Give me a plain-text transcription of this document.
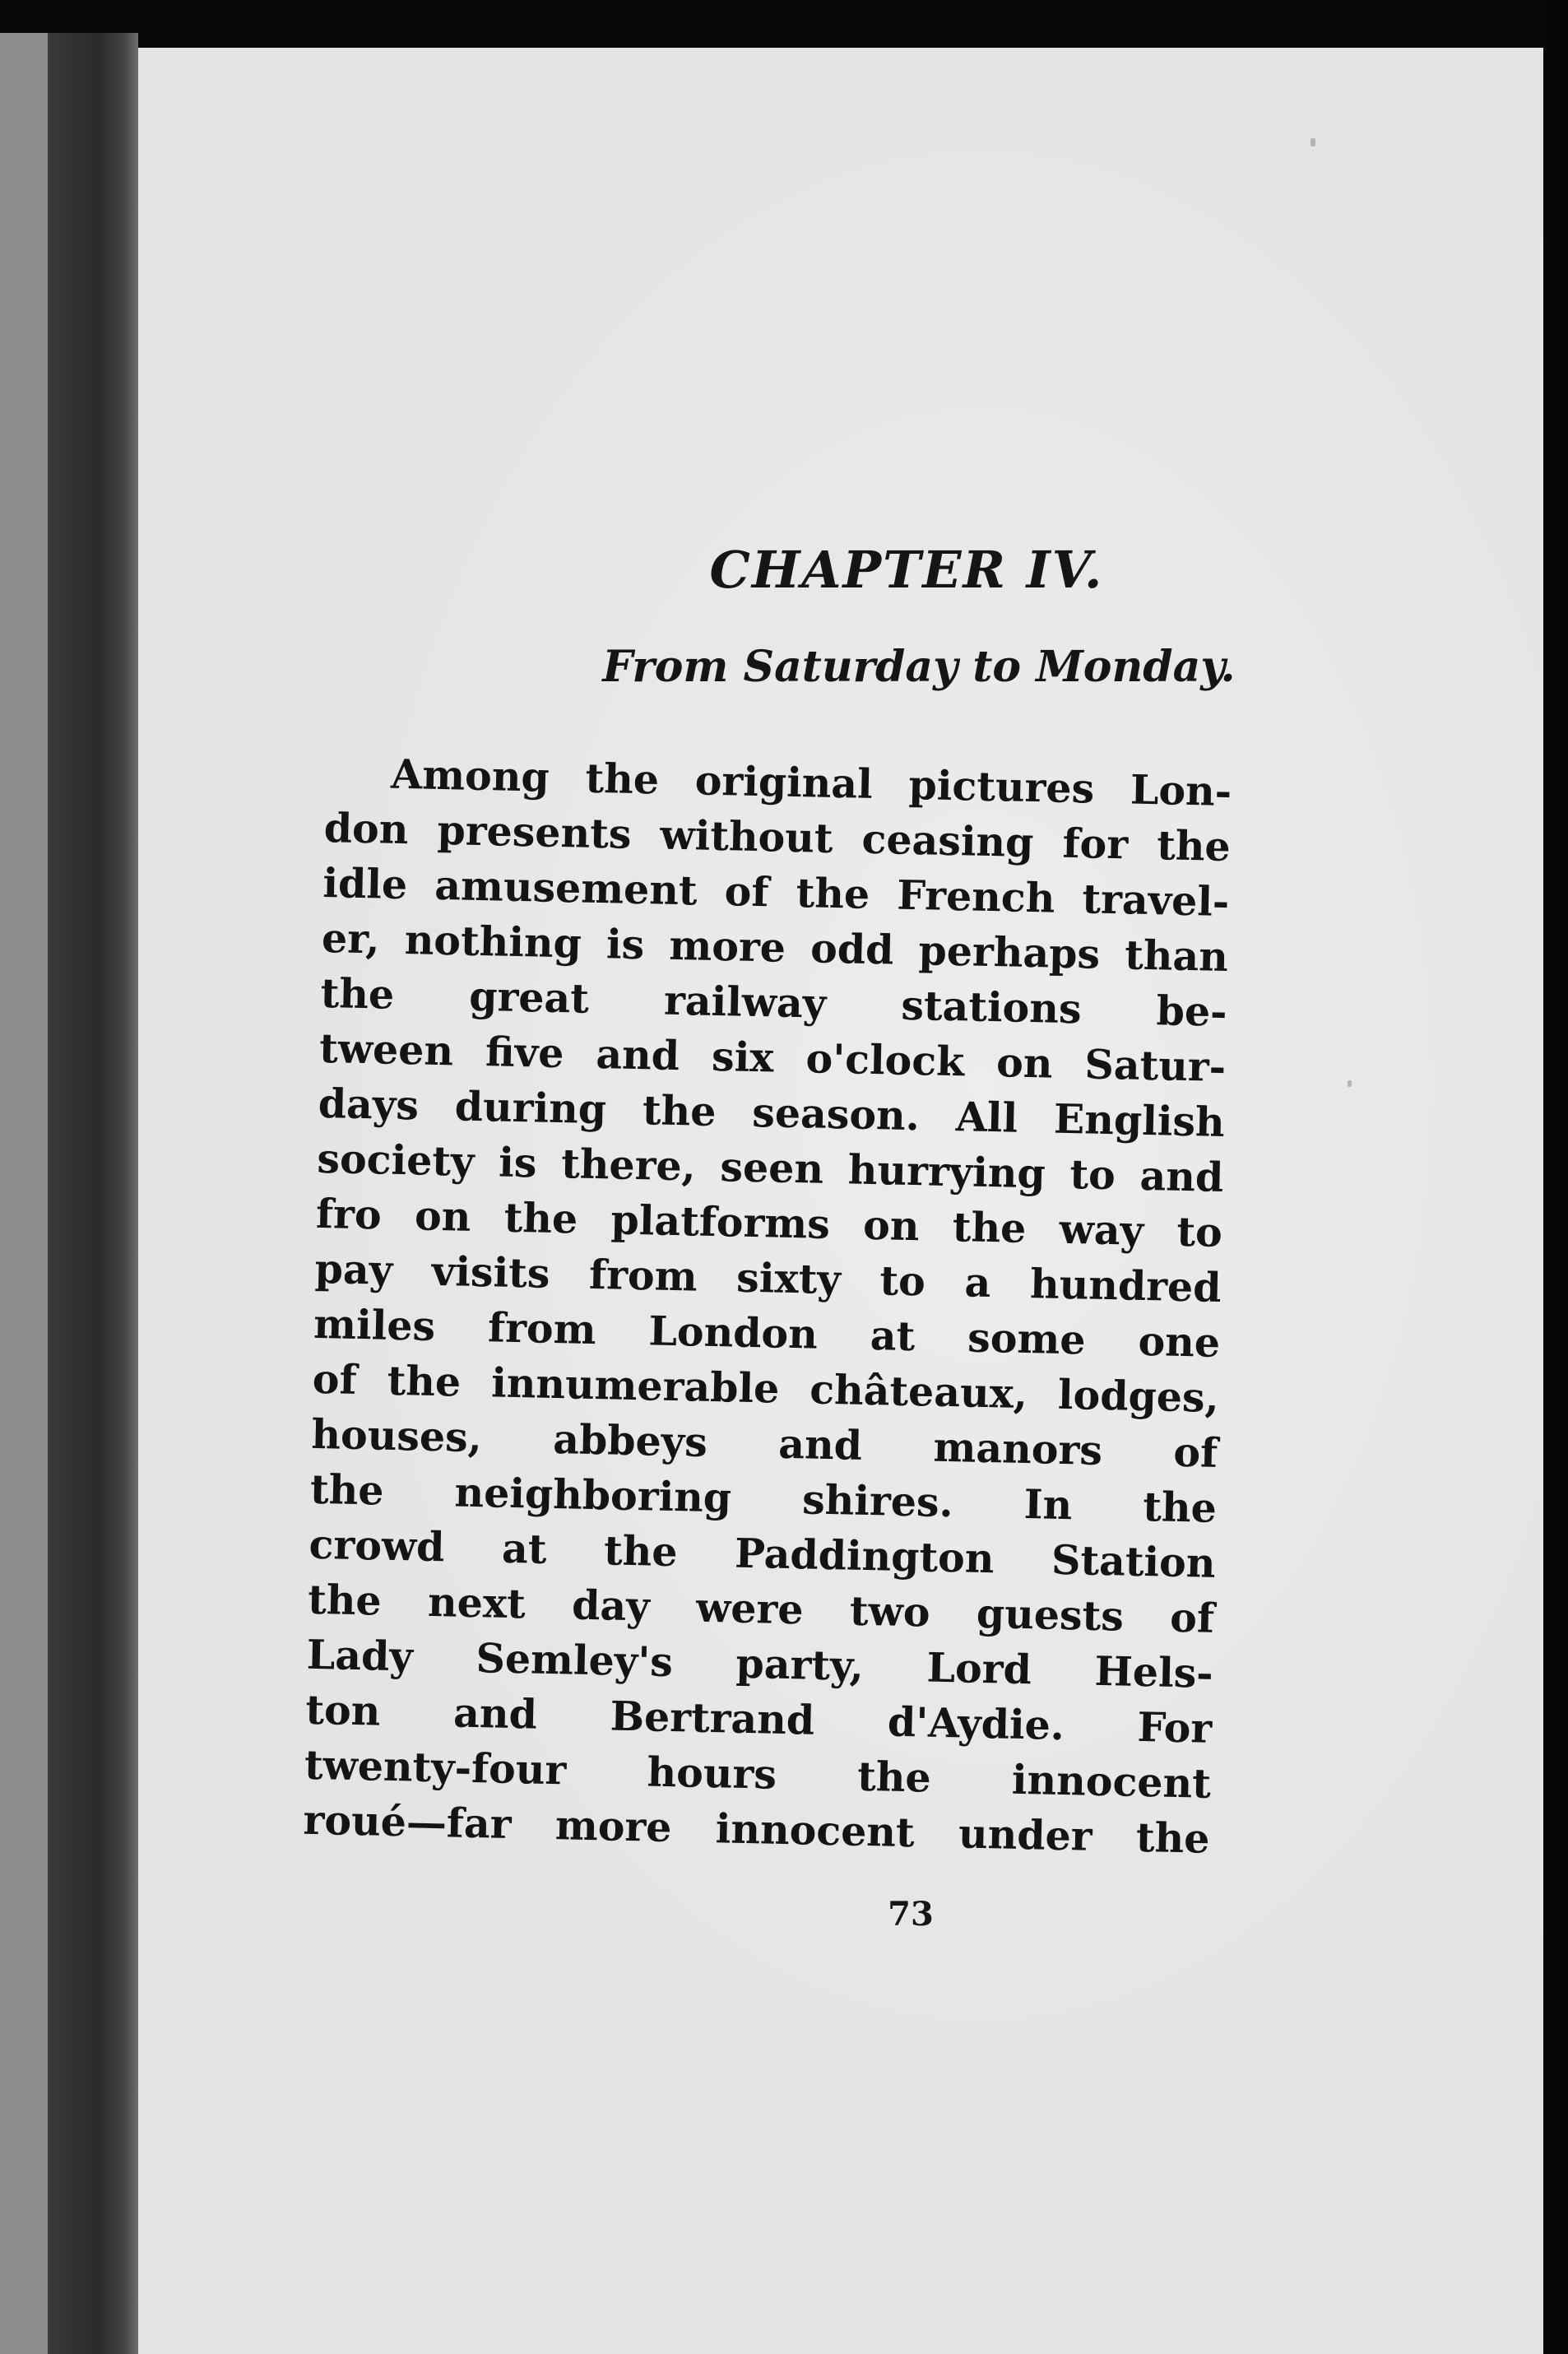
CHAPTER IV.
From Saturday to Monday.
Among the original pictures Lon-
don presents without ceasing for the
idle amusement of the French travel-
er, nothing is more odd perhaps than
the great railway stations be-
tween five and six o'clock on Satur-
days during the season. All English
society is there, seen hurrying to and
fro on the platforms on the way to
pay visits from sixty to a hundred
miles from London at some one
of the innumerable châteaux, lodges,
houses, abbeys and manors of
the neighboring shires. In the
crowd at the Paddington Station
the next day were two guests of
Lady Semley's party, Lord Hels-
ton and Bertrand d'Aydie. For
twenty-four hours the innocent
roué—far more innocent under the
73
